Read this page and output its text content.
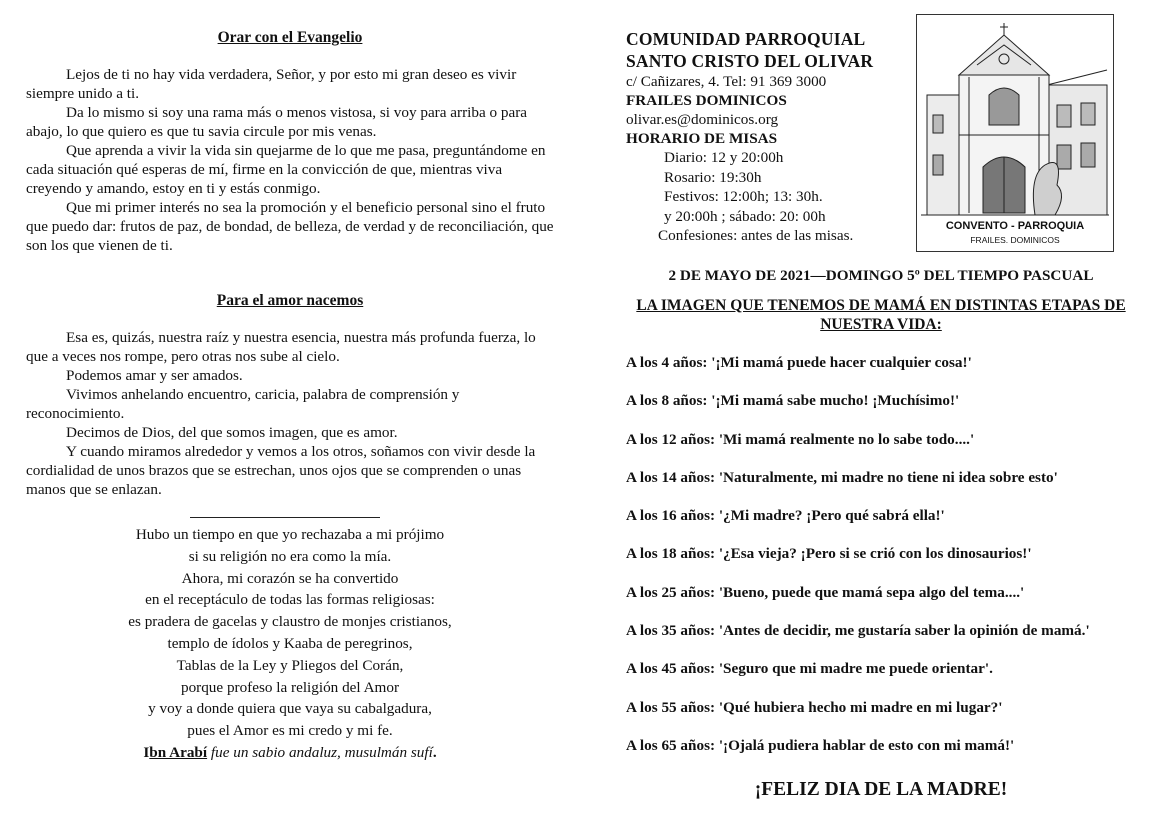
Orar con el Evangelio

Lejos de ti no hay vida verdadera, Señor, y por esto mi gran deseo es vivir siempre unido a ti.

Da lo mismo si soy una rama más o menos vistosa, si voy para arriba o para abajo, lo que quiero es que tu savia circule por mis venas.

Que aprenda a vivir la vida sin quejarme de lo que me pasa, preguntándome en cada situación qué esperas de mí, firme en la convicción de que, mientras viva creyendo y amando, estoy en ti y estás conmigo.

Que mi primer interés no sea la promoción y el beneficio personal sino el fruto que puedo dar: frutos de paz, de bondad, de belleza, de verdad y de reconciliación, que son los que vienen de ti.

Para el amor nacemos

Esa es, quizás, nuestra raíz y nuestra esencia, nuestra más profunda fuerza, lo que a veces nos rompe, pero otras nos sube al cielo.

Podemos amar y ser amados.

Vivimos anhelando encuentro, caricia, palabra de comprensión y reconocimiento.

Decimos de Dios, del que somos imagen, que es amor.

Y cuando miramos alrededor y vemos a los otros, soñamos con vivir desde la cordialidad de unos brazos que se estrechan, unos ojos que se comprenden o unas manos que se enlazan.

Hubo un tiempo en que yo rechazaba a mi prójimo
si su religión no era como la mía.
Ahora, mi corazón se ha convertido
en el receptáculo de todas las formas religiosas:
es pradera de gacelas y claustro de monjes cristianos,
templo de ídolos y Kaaba de peregrinos,
Tablas de la Ley y Pliegos del Corán,
porque profeso la religión del Amor
y voy a donde quiera que vaya su cabalgadura,
pues el Amor es mi credo y mi fe.
Ibn Arabí fue un sabio andaluz, musulmán sufí.
COMUNIDAD PARROQUIAL
SANTO CRISTO DEL OLIVAR
c/ Cañizares, 4. Tel: 91 369 3000
FRAILES DOMINICOS
olivar.es@dominicos.org
HORARIO DE MISAS
Diario: 12 y 20:00h
Rosario: 19:30h
Festivos: 12:00h; 13: 30h.
y 20:00h ; sábado: 20: 00h
Confesiones: antes de las misas.
CONVENTO - PARROQUIA
FRAILES. DOMINICOS
2 DE MAYO DE 2021—DOMINGO 5º DEL TIEMPO PASCUAL
LA IMAGEN QUE TENEMOS DE MAMÁ EN DISTINTAS ETAPAS DE NUESTRA VIDA:
A los 4 años: '¡Mi mamá puede hacer cualquier cosa!'
A los 8 años: '¡Mi mamá sabe mucho! ¡Muchísimo!'
A los 12 años: 'Mi mamá realmente no lo sabe todo....'
A los 14 años: 'Naturalmente, mi madre no tiene ni idea sobre esto'
A los 16 años: '¿Mi madre? ¡Pero qué sabrá ella!'
A los 18 años: '¿Esa vieja? ¡Pero si se crió con los dinosaurios!'
A los 25 años: 'Bueno, puede que mamá sepa algo del tema....'
A los 35 años: 'Antes de decidir, me gustaría saber la opinión de mamá.'
A los 45 años: 'Seguro que mi madre me puede orientar'.
A los 55 años: 'Qué hubiera hecho mi madre en mi lugar?'
A los 65 años: '¡Ojalá pudiera hablar de esto con mi mamá!'
¡FELIZ DIA DE LA MADRE!
